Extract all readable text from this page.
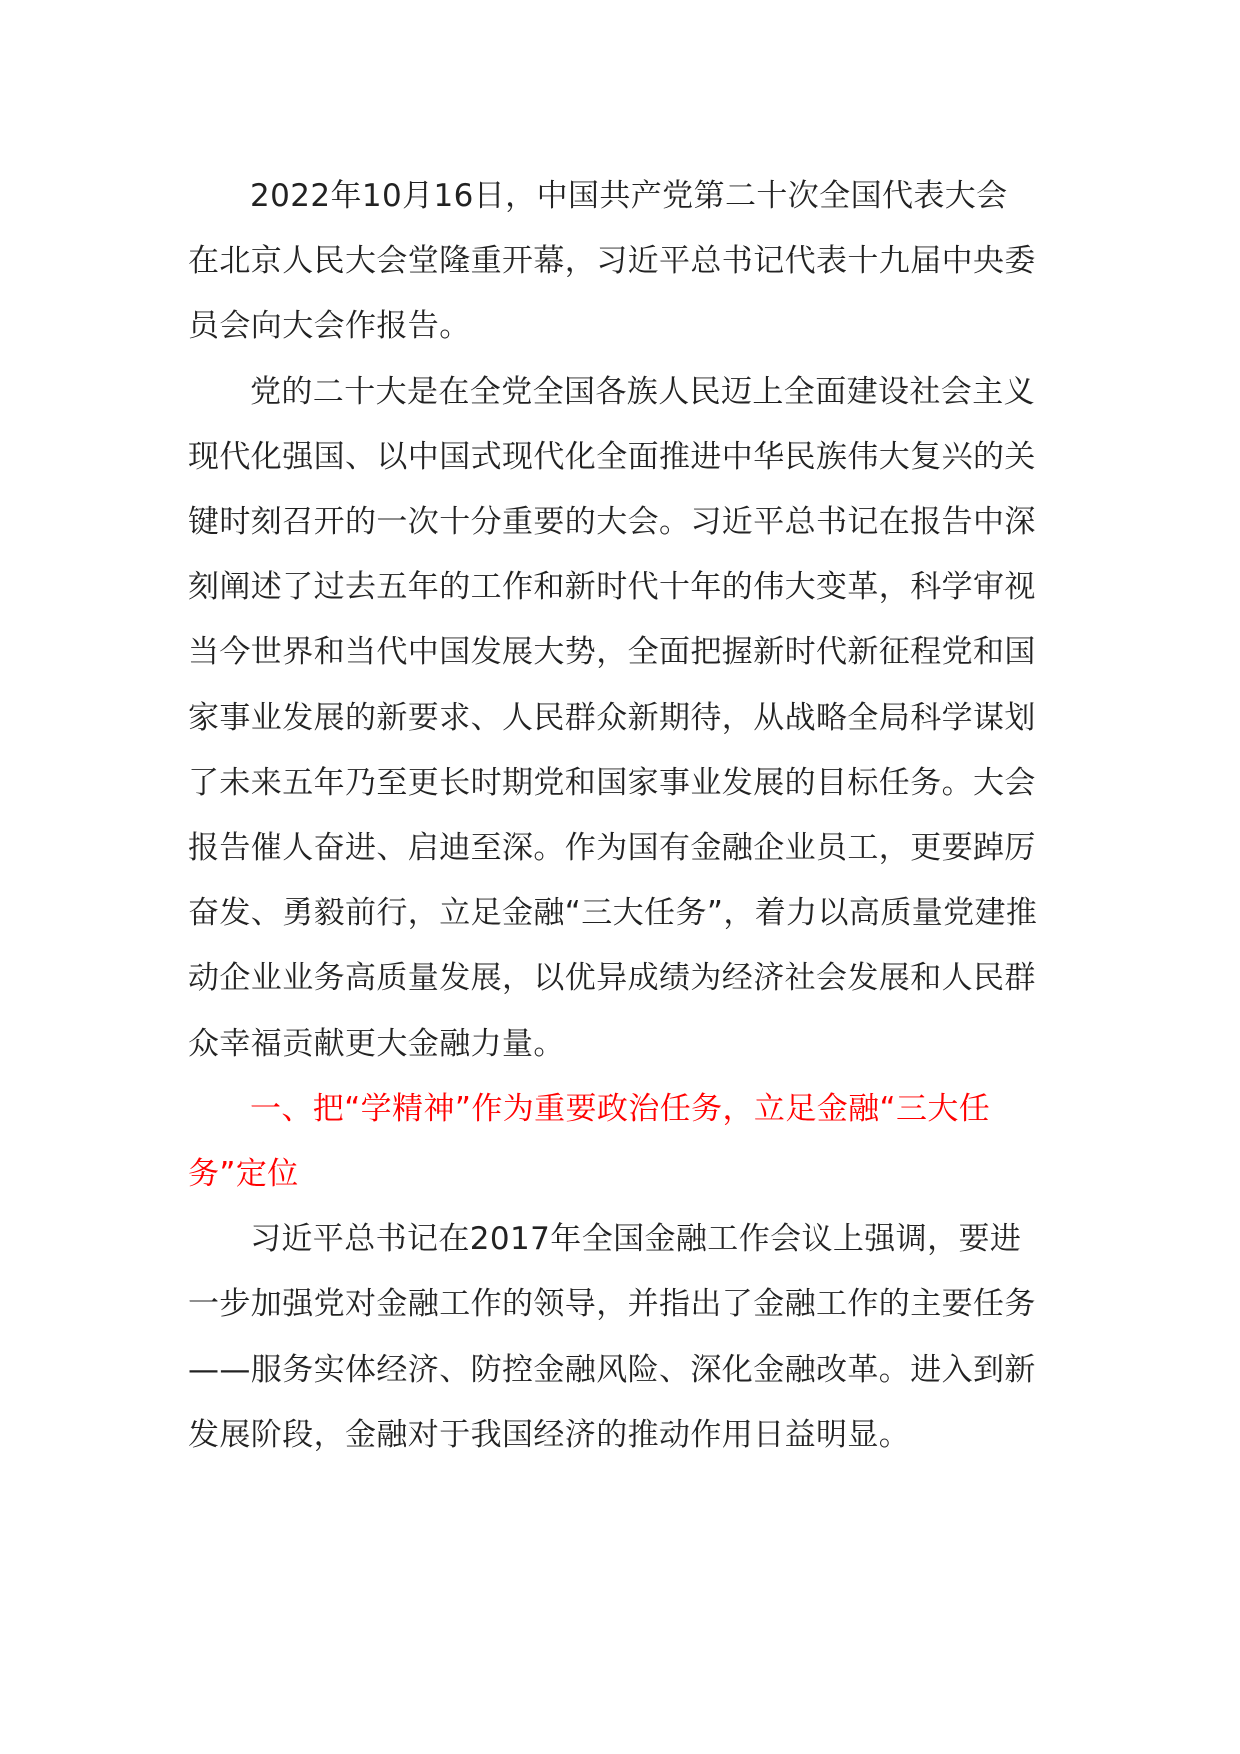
2022年10月16日，中国共产党第二十次全国代表大会在北京人民大会堂隆重开幕，习近平总书记代表十九届中央委员会向大会作报告。

党的二十大是在全党全国各族人民迈上全面建设社会主义现代化强国、以中国式现代化全面推进中华民族伟大复兴的关键时刻召开的一次十分重要的大会。习近平总书记在报告中深刻阐述了过去五年的工作和新时代十年的伟大变革，科学审视当今世界和当代中国发展大势，全面把握新时代新征程党和国家事业发展的新要求、人民群众新期待，从战略全局科学谋划了未来五年乃至更长时期党和国家事业发展的目标任务。大会报告催人奋进、启迪至深。作为国有金融企业员工，更要踔厉奋发、勇毅前行，立足金融“三大任务”，着力以高质量党建推动企业业务高质量发展，以优异成绩为经济社会发展和人民群众幸福贡献更大金融力量。

一、把“学精神”作为重要政治任务，立足金融“三大任务”定位

习近平总书记在2017年全国金融工作会议上强调，要进一步加强党对金融工作的领导，并指出了金融工作的主要任务——服务实体经济、防控金融风险、深化金融改革。进入到新发展阶段，金融对于我国经济的推动作用日益明显。
